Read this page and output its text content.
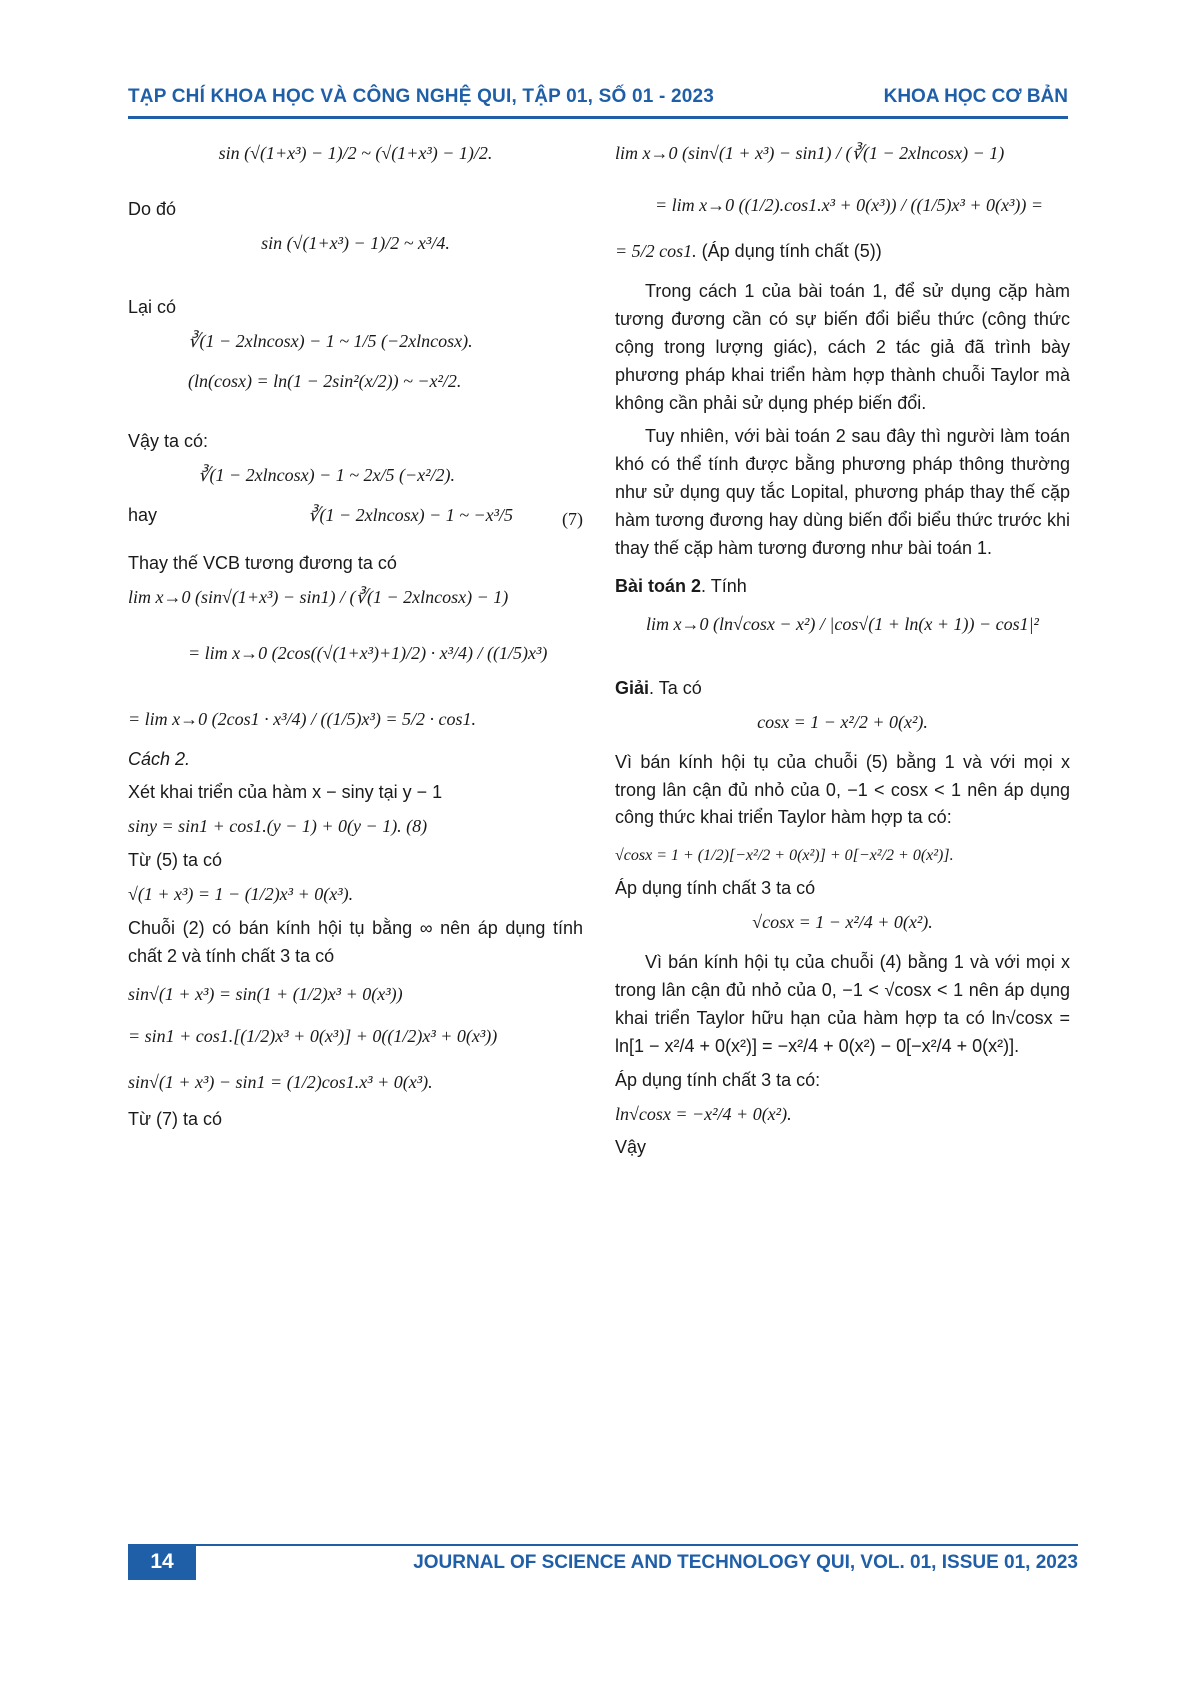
TẠP CHÍ KHOA HỌC VÀ CÔNG NGHỆ QUI, TẬP 01, SỐ 01 - 2023	KHOA HỌC CƠ BẢN
sin (√(1+x³) − 1)/2 ~ (√(1+x³) − 1)/2.

Do đó

sin (√(1+x³) − 1)/2 ~ x³/4.

Lại có

∛(1 − 2xlncosx) − 1 ~ 1/5 (−2xlncosx).
(ln(cosx) = ln(1 − 2sin²(x/2)) ~ −x²/2.

Vậy ta có:

∛(1 − 2xlncosx) − 1 ~ 2x/5 (−x²/2).
hay	∛(1 − 2xlncosx) − 1 ~ −x³/5	(7)

Thay thế VCB tương đương ta có

lim x→0 (sin√(1+x³) − sin1) / (∛(1 − 2xlncosx) − 1)
= lim x→0 (2cos((√(1+x³)+1)/2) · x³/4) / ((1/5)x³)
= lim x→0 (2cos1 · x³/4) / ((1/5)x³) = 5/2 · cos1.

Cách 2.

Xét khai triển của hàm x − siny tại y − 1

siny = sin1 + cos1.(y − 1) + 0(y − 1). (8)

Từ (5) ta có

√(1 + x³) = 1 − (1/2)x³ + 0(x³).

Chuỗi (2) có bán kính hội tụ bằng ∞ nên áp dụng tính chất 2 và tính chất 3 ta có

sin√(1 + x³) = sin(1 + (1/2)x³ + 0(x³))

= sin1 + cos1.[(1/2)x³ + 0(x³)] + 0((1/2)x³ + 0(x³))

sin√(1 + x³) − sin1 = (1/2)cos1.x³ + 0(x³).

Từ (7) ta có

lim x→0 (sin√(1 + x³) − sin1) / (∛(1 − 2xlncosx) − 1)
= lim x→0 ((1/2).cos1.x³ + 0(x³)) / ((1/5)x³ + 0(x³)) =
= 5/2 cos1. (Áp dụng tính chất (5))

Trong cách 1 của bài toán 1, để sử dụng cặp hàm tương đương cần có sự biến đổi biểu thức (công thức cộng trong lượng giác), cách 2 tác giả đã trình bày phương pháp khai triển hàm hợp thành chuỗi Taylor mà không cần phải sử dụng phép biến đổi.

Tuy nhiên, với bài toán 2 sau đây thì người làm toán khó có thể tính được bằng phương pháp thông thường như sử dụng quy tắc Lopital, phương pháp thay thế cặp hàm tương đương hay dùng biến đổi biểu thức trước khi thay thế cặp hàm tương đương như bài toán 1.

Bài toán 2. Tính

lim x→0 (ln√cosx − x²) / |cos√(1 + ln(x + 1)) − cos1|²

Giải. Ta có

cosx = 1 − x²/2 + 0(x²).

Vì bán kính hội tụ của chuỗi (5) bằng 1 và với mọi x trong lân cận đủ nhỏ của 0, −1 < cosx < 1 nên áp dụng công thức khai triển Taylor hàm hợp ta có:

√cosx = 1 + (1/2)[−x²/2 + 0(x²)] + 0[−x²/2 + 0(x²)].

Áp dụng tính chất 3 ta có

√cosx = 1 − x²/4 + 0(x²).

Vì bán kính hội tụ của chuỗi (4) bằng 1 và với mọi x trong lân cận đủ nhỏ của 0, −1 < √cosx < 1 nên áp dụng khai triển Taylor hữu hạn của hàm hợp ta có ln√cosx = ln[1 − x²/4 + 0(x²)] = −x²/4 + 0(x²) − 0[−x²/4 + 0(x²)].

Áp dụng tính chất 3 ta có:

ln√cosx = −x²/4 + 0(x²).

Vậy

14	JOURNAL OF SCIENCE AND TECHNOLOGY QUI, VOL. 01, ISSUE 01, 2023
